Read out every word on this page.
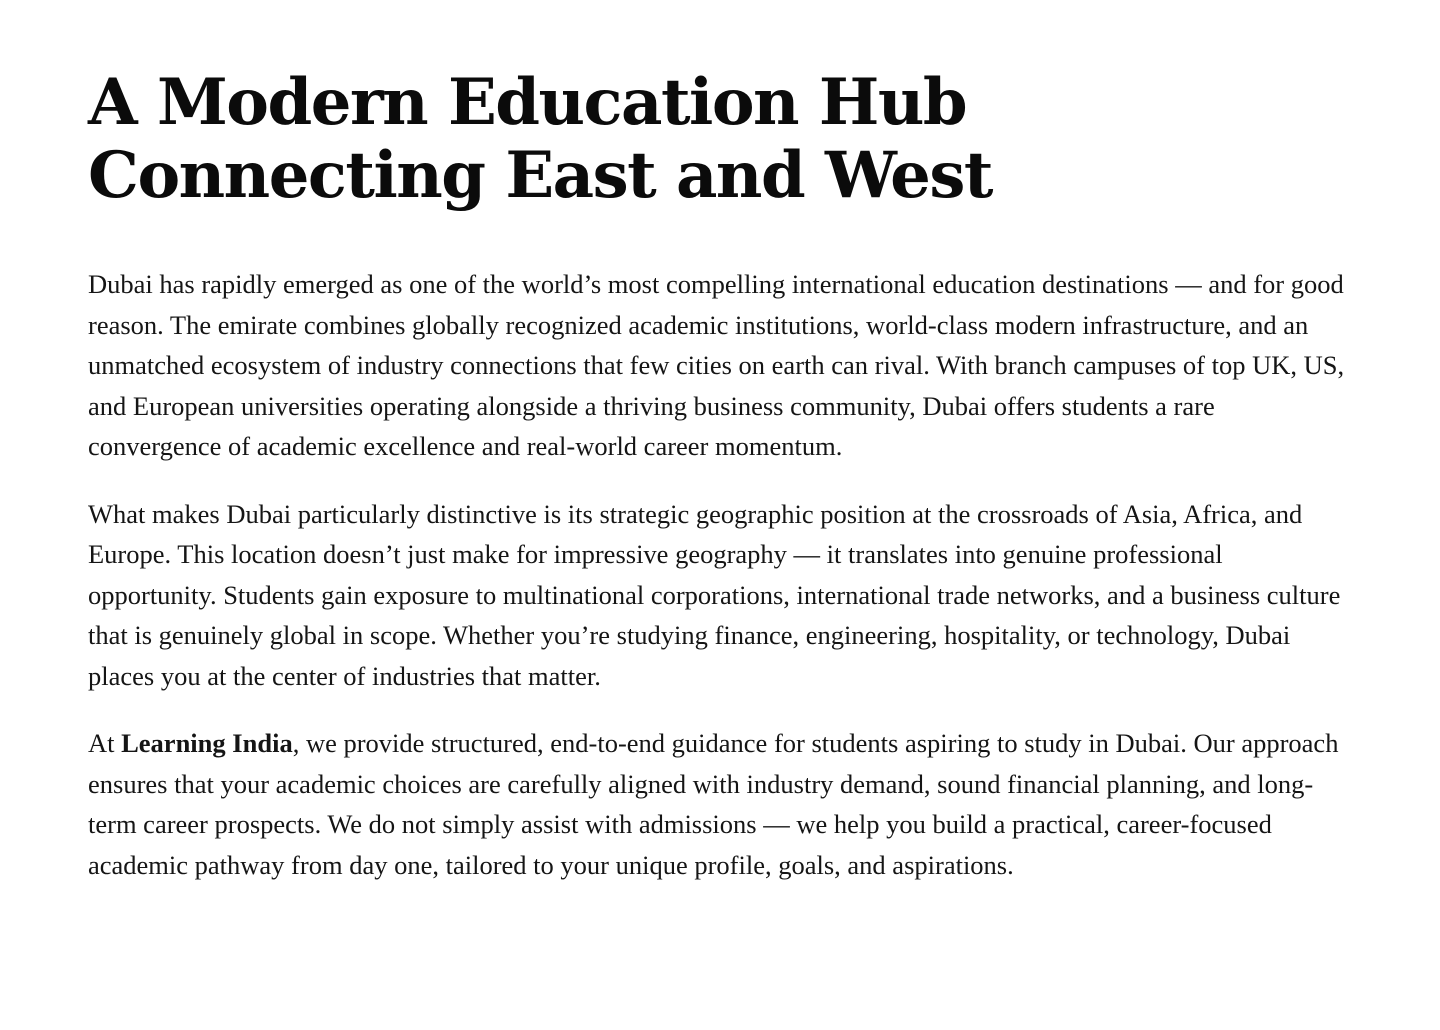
A Modern Education Hub Connecting East and West

Dubai has rapidly emerged as one of the world’s most compelling international education destinations — and for good reason. The emirate combines globally recognized academic institutions, world-class modern infrastructure, and an unmatched ecosystem of industry connections that few cities on earth can rival. With branch campuses of top UK, US, and European universities operating alongside a thriving business community, Dubai offers students a rare convergence of academic excellence and real-world career momentum.

What makes Dubai particularly distinctive is its strategic geographic position at the crossroads of Asia, Africa, and Europe. This location doesn’t just make for impressive geography — it translates into genuine professional opportunity. Students gain exposure to multinational corporations, international trade networks, and a business culture that is genuinely global in scope. Whether you’re studying finance, engineering, hospitality, or technology, Dubai places you at the center of industries that matter.

At Learning India, we provide structured, end-to-end guidance for students aspiring to study in Dubai. Our approach ensures that your academic choices are carefully aligned with industry demand, sound financial planning, and long-term career prospects. We do not simply assist with admissions — we help you build a practical, career-focused academic pathway from day one, tailored to your unique profile, goals, and aspirations.
